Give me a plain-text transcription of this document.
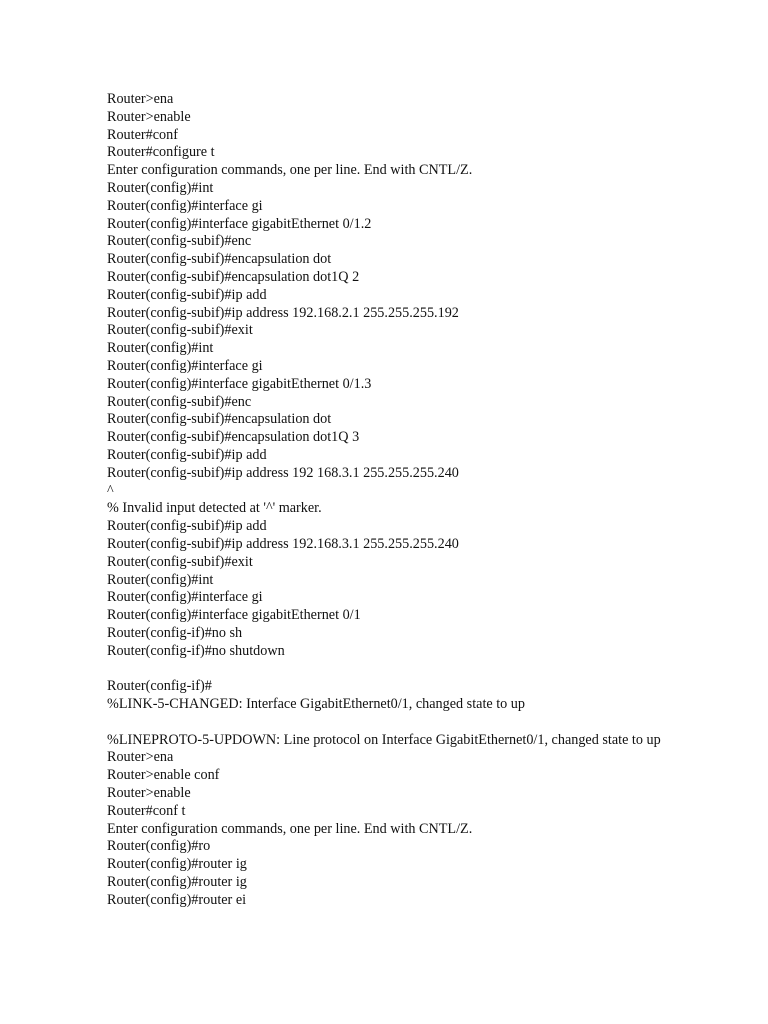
Router>ena
Router>enable
Router#conf
Router#configure t
Enter configuration commands, one per line. End with CNTL/Z.
Router(config)#int
Router(config)#interface gi
Router(config)#interface gigabitEthernet 0/1.2
Router(config-subif)#enc
Router(config-subif)#encapsulation dot
Router(config-subif)#encapsulation dot1Q 2
Router(config-subif)#ip add
Router(config-subif)#ip address 192.168.2.1 255.255.255.192
Router(config-subif)#exit
Router(config)#int
Router(config)#interface gi
Router(config)#interface gigabitEthernet 0/1.3
Router(config-subif)#enc
Router(config-subif)#encapsulation dot
Router(config-subif)#encapsulation dot1Q 3
Router(config-subif)#ip add
Router(config-subif)#ip address 192 168.3.1 255.255.255.240
^
% Invalid input detected at '^' marker.
Router(config-subif)#ip add
Router(config-subif)#ip address 192.168.3.1 255.255.255.240
Router(config-subif)#exit
Router(config)#int
Router(config)#interface gi
Router(config)#interface gigabitEthernet 0/1
Router(config-if)#no sh
Router(config-if)#no shutdown
Router(config-if)#
%LINK-5-CHANGED: Interface GigabitEthernet0/1, changed state to up
%LINEPROTO-5-UPDOWN: Line protocol on Interface GigabitEthernet0/1, changed state to up
Router>ena
Router>enable conf
Router>enable
Router#conf t
Enter configuration commands, one per line. End with CNTL/Z.
Router(config)#ro
Router(config)#router ig
Router(config)#router ig
Router(config)#router ei
